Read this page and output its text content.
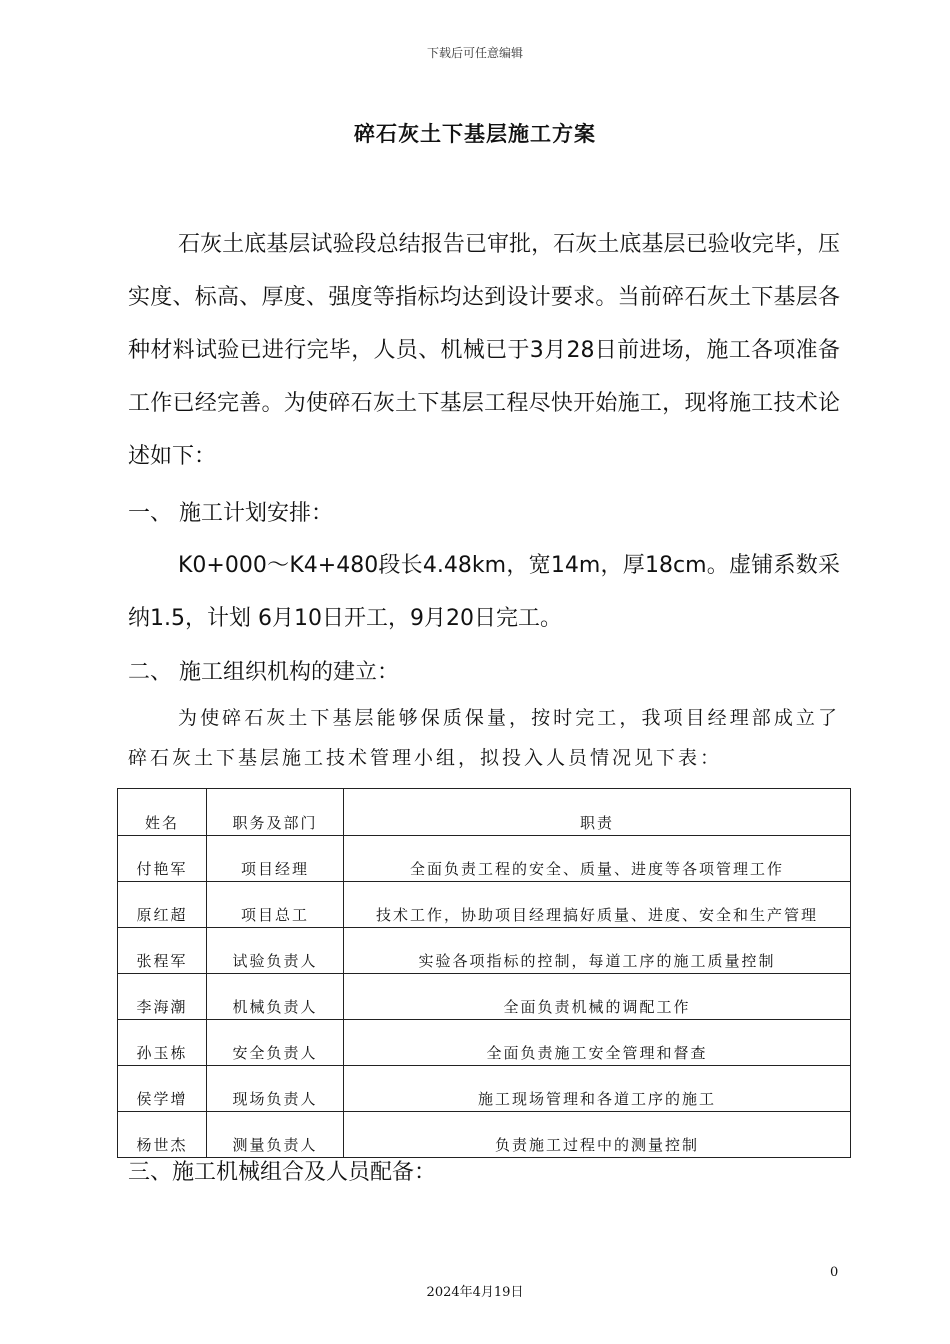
下载后可任意编辑
碎石灰土下基层施工方案

石灰土底基层试验段总结报告已审批，石灰土底基层已验收完毕，压实度、标高、厚度、强度等指标均达到设计要求。当前碎石灰土下基层各种材料试验已进行完毕，人员、机械已于3月28日前进场，施工各项准备工作已经完善。为使碎石灰土下基层工程尽快开始施工，现将施工技术论述如下：

一、 施工计划安排：

K0+000～K4+480段长4.48km，宽14m，厚18cm。虚铺系数采纳1.5，计划 6月10日开工，9月20日完工。

二、 施工组织机构的建立：

为使碎石灰土下基层能够保质保量，按时完工，我项目经理部成立了碎石灰土下基层施工技术管理小组，拟投入人员情况见下表：

姓名	职务及部门	职责
付艳军	项目经理	全面负责工程的安全、质量、进度等各项管理工作
原红超	项目总工	技术工作，协助项目经理搞好质量、进度、安全和生产管理
张程军	试验负责人	实验各项指标的控制，每道工序的施工质量控制
李海潮	机械负责人	全面负责机械的调配工作
孙玉栋	安全负责人	全面负责施工安全管理和督查
侯学增	现场负责人	施工现场管理和各道工序的施工
杨世杰	测量负责人	负责施工过程中的测量控制

三、施工机械组合及人员配备：

0
2024年4月19日
